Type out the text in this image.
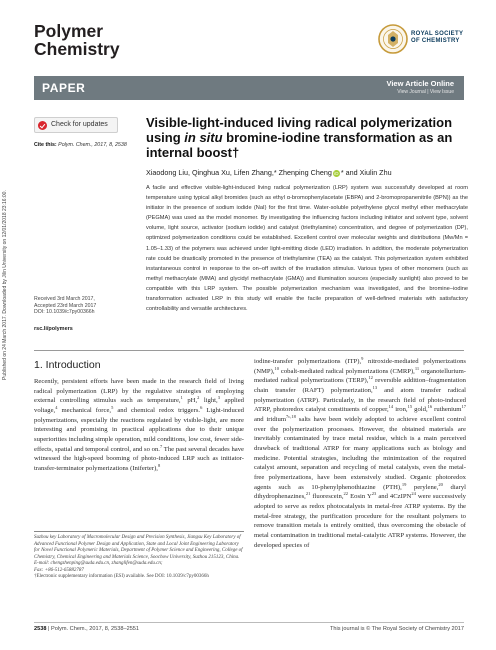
Polymer
Chemistry
ROYAL SOCIETY
OF CHEMISTRY
PAPER	View Article Online
View Journal | View Issue
Published on 24 March 2017. Downloaded by Jilin University on 12/01/2018 23:16:00.
Check for updates
Cite this: Polym. Chem., 2017, 8, 2538
Visible-light-induced living radical polymerization using in situ bromine-iodine transformation as an internal boost†
Xiaodong Liu, Qinghua Xu, Lifen Zhang,* Zhenping Cheng iD * and Xiulin Zhu
A facile and effective visible-light-induced living radical polymerization (LRP) system was successfully developed at room temperature using typical alkyl bromides (such as ethyl α-bromophenylacetate (EBPA) and 2-bromopropanenitrile (BPN)) as the initiator in the presence of sodium iodide (NaI) for the first time. Water-soluble polyethylene glycol methyl ether methacrylate (PEGMA) was used as the model monomer. By investigating the influencing factors including initiator and solvent type, solvent volume, light source, activator (sodium iodide) and catalyst (triethylamine) concentration, and degree of polymerization (DP), optimized polymerization conditions could be established. Excellent control over molecular weights and distributions (Mw/Mn = 1.05–1.33) of the polymers was achieved under light-emitting diode (LED) irradiation. In addition, the moderate polymerization rate could be drastically promoted in the presence of triethylamine (TEA) as the catalyst. This polymerization system exhibited instantaneous control in response to the on–off switch of the irradiation stimulus. Various types of other monomers (such as methyl methacrylate (MMA) and glycidyl methacrylate (GMA)) and illumination sources (especially sunlight) also proved to be compatible with this LRP system. The possible polymerization mechanism was investigated, and the bromine–iodine transformation activated LRP in this study will enable the facile preparation of well-defined materials with satisfactory controllability and versatile architectures.
Received 3rd March 2017,
Accepted 23rd March 2017
DOI: 10.1039/c7py00366h
rsc.li/polymers
1. Introduction
Recently, persistent efforts have been made in the research field of living radical polymerization (LRP) by the regulative strategies of employing external controlling stimulus such as temperature,$^1$ pH,$^2$ light,$^3$ applied voltage,$^4$ mechanical force,$^5$ and chemical redox triggers.$^6$ Light-induced polymerizations, especially the reactions regulated by visible-light, are more interesting and promising in practical applications due to their unique superiorities including simple operation, mild conditions, low cost, fewer side-effects, spatial and temporal control, and so on.$^7$ The past several decades have witnessed the high-speed booming of photo-induced LRP such as initiator-transfer-terminator polymerizations (Iniferter),$^8$
iodine-transfer polymerizations (ITP),$^9$ nitroxide-mediated polymerizations (NMP),$^{10}$ cobalt-mediated radical polymerizations (CMRP),$^{11}$ organotellurium-mediated radical polymerizations (TERP),$^{12}$ reversible addition–fragmentation chain transfer (RAFT) polymerization,$^{13}$ and atom transfer radical polymerization (ATRP). Particularly, in the research field of photo-induced ATRP, photoredox catalyst constituents of copper,$^{14}$ iron,$^{15}$ gold,$^{16}$ ruthenium$^{17}$ and iridium$^{7c,18}$ salts have been widely adopted to achieve excellent control over the polymerization processes. However, the obtained materials are inevitably contaminated by trace metal residue, which is a main perceived drawback of traditional ATRP for many applications such as biology and medicine. Potential strategies, including the minimization of the required catalyst amount, separation and recycling of metal catalysts, even the metal-free polymerizations, have been extensively studied. Organic photoredox agents such as 10-phenylphenothiazine (PTH),$^{19}$ perylene,$^{20}$ diaryl dihydrophenazines,$^{21}$ fluorescein,$^{22}$ Eosin $Y^{23}$ and 4CzIPN$^{24}$ were successively adopted to serve as redox photocatalysts in metal-free ATRP systems. By the metal-free strategy, the purification procedure for the resultant polymers to remove transition metals is entirely omitted, thus overcoming the obstacle of metal contamination in traditional metal-catalytic ATRP systems. However, the developed species of
Suzhou key Laboratory of Macromolecular Design and Precision Synthesis, Jiangsu Key Laboratory of Advanced Functional Polymer Design and Application, State and Local Joint Engineering Laboratory for Novel Functional Polymeric Materials, Department of Polymer Science and Engineering, College of Chemistry, Chemical Engineering and Materials Science, Soochow University, Suzhou 215123, China.
E-mail: chengzhenping@suda.edu.cn, zhanglifen@suda.edu.cn;
Fax: +86-512-65882787
†Electronic supplementary information (ESI) available. See DOI: 10.1039/c7py00366h
2538 | Polym. Chem., 2017, 8, 2538–2551	This journal is © The Royal Society of Chemistry 2017
